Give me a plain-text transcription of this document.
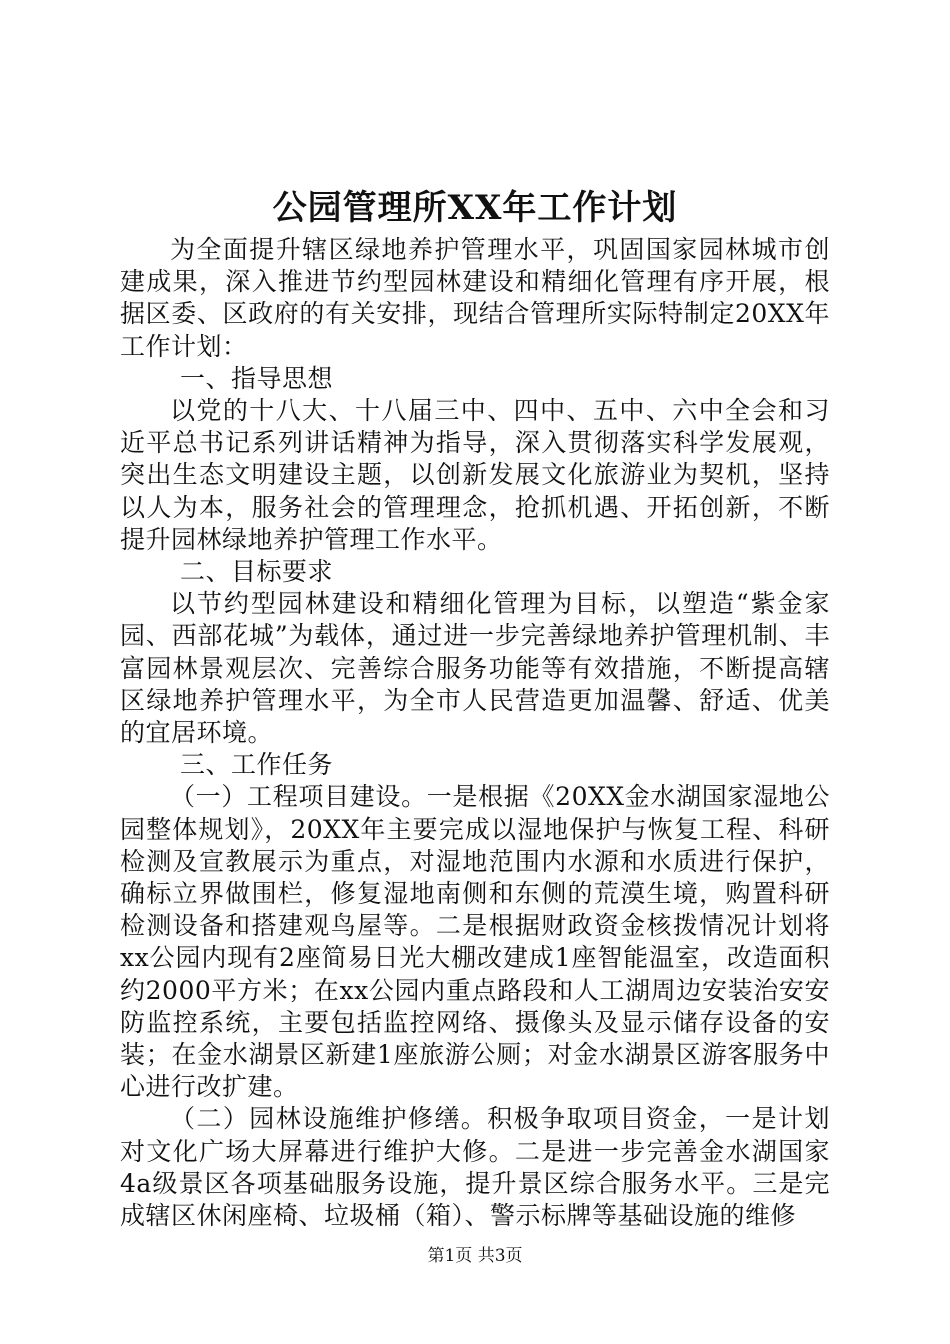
公园管理所XX年工作计划

为全面提升辖区绿地养护管理水平，巩固国家园林城市创建成果，深入推进节约型园林建设和精细化管理有序开展，根据区委、区政府的有关安排，现结合管理所实际特制定20XX年工作计划：

一、指导思想

以党的十八大、十八届三中、四中、五中、六中全会和习近平总书记系列讲话精神为指导，深入贯彻落实科学发展观，突出生态文明建设主题，以创新发展文化旅游业为契机，坚持以人为本，服务社会的管理理念，抢抓机遇、开拓创新，不断提升园林绿地养护管理工作水平。

二、目标要求

以节约型园林建设和精细化管理为目标，以塑造“紫金家园、西部花城”为载体，通过进一步完善绿地养护管理机制、丰富园林景观层次、完善综合服务功能等有效措施，不断提高辖区绿地养护管理水平，为全市人民营造更加温馨、舒适、优美的宜居环境。

三、工作任务

（一）工程项目建设。一是根据《20XX金水湖国家湿地公园整体规划》，20XX年主要完成以湿地保护与恢复工程、科研检测及宣教展示为重点，对湿地范围内水源和水质进行保护，确标立界做围栏，修复湿地南侧和东侧的荒漠生境，购置科研检测设备和搭建观鸟屋等。二是根据财政资金核拨情况计划将xx公园内现有2座简易日光大棚改建成1座智能温室，改造面积约2000平方米；在xx公园内重点路段和人工湖周边安装治安安防监控系统，主要包括监控网络、摄像头及显示储存设备的安装；在金水湖景区新建1座旅游公厕；对金水湖景区游客服务中心进行改扩建。

（二）园林设施维护修缮。积极争取项目资金，一是计划对文化广场大屏幕进行维护大修。二是进一步完善金水湖国家4a级景区各项基础服务设施，提升景区综合服务水平。三是完成辖区休闲座椅、垃圾桶（箱）、警示标牌等基础设施的维修

第1页 共3页
